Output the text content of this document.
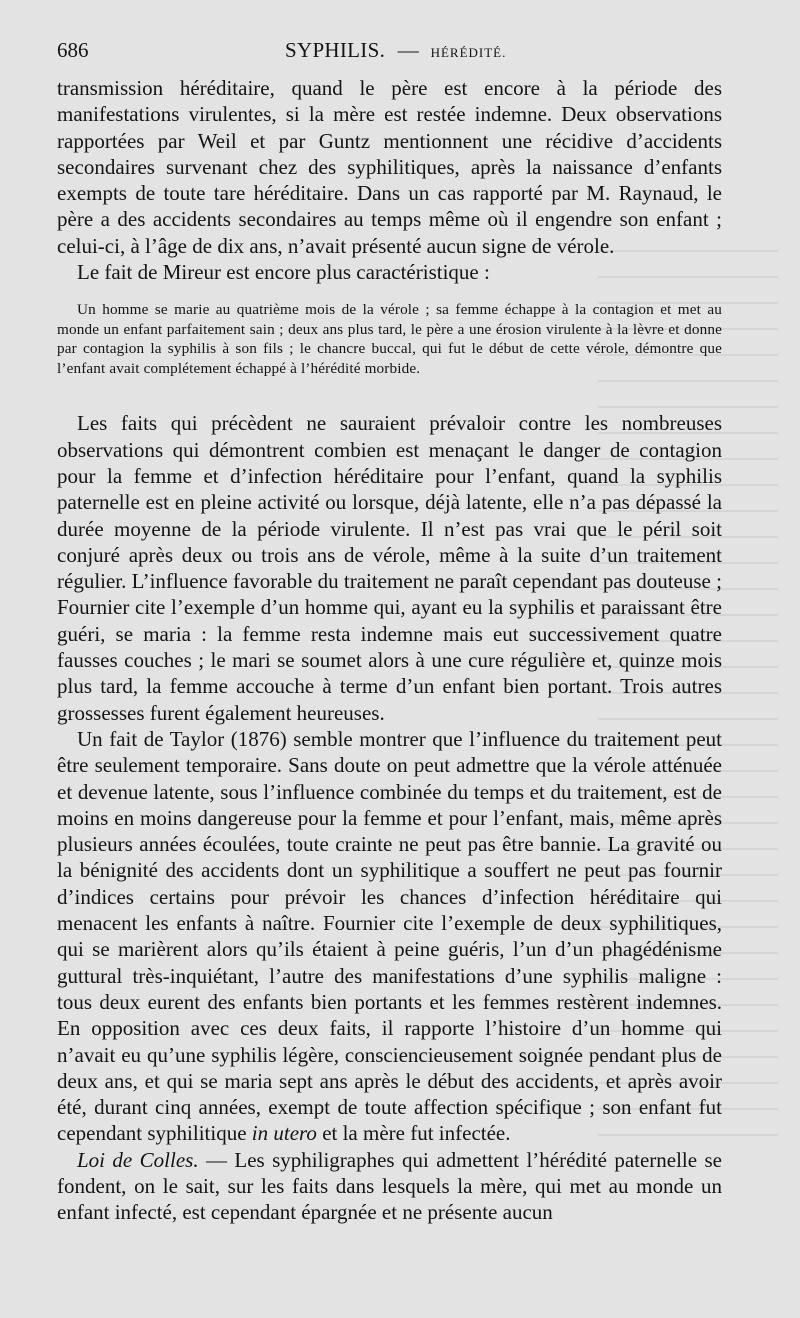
686	SYPHILIS. — HÉRÉDITÉ.

transmission héréditaire, quand le père est encore à la période des manifestations virulentes, si la mère est restée indemne. Deux observations rapportées par Weil et par Guntz mentionnent une récidive d’accidents secondaires survenant chez des syphilitiques, après la naissance d’enfants exempts de toute tare héréditaire. Dans un cas rapporté par M. Raynaud, le père a des accidents secondaires au temps même où il engendre son enfant ; celui-ci, à l’âge de dix ans, n’avait présenté aucun signe de vérole.

Le fait de Mireur est encore plus caractéristique :

Un homme se marie au quatrième mois de la vérole ; sa femme échappe à la contagion et met au monde un enfant parfaitement sain ; deux ans plus tard, le père a une érosion virulente à la lèvre et donne par contagion la syphilis à son fils ; le chancre buccal, qui fut le début de cette vérole, démontre que l’enfant avait complétement échappé à l’hérédité morbide.

Les faits qui précèdent ne sauraient prévaloir contre les nombreuses observations qui démontrent combien est menaçant le danger de contagion pour la femme et d’infection héréditaire pour l’enfant, quand la syphilis paternelle est en pleine activité ou lorsque, déjà latente, elle n’a pas dépassé la durée moyenne de la période virulente. Il n’est pas vrai que le péril soit conjuré après deux ou trois ans de vérole, même à la suite d’un traitement régulier. L’influence favorable du traitement ne paraît cependant pas douteuse ; Fournier cite l’exemple d’un homme qui, ayant eu la syphilis et paraissant être guéri, se maria : la femme resta indemne mais eut successivement quatre fausses couches ; le mari se soumet alors à une cure régulière et, quinze mois plus tard, la femme accouche à terme d’un enfant bien portant. Trois autres grossesses furent également heureuses.

Un fait de Taylor (1876) semble montrer que l’influence du traitement peut être seulement temporaire. Sans doute on peut admettre que la vérole atténuée et devenue latente, sous l’influence combinée du temps et du traitement, est de moins en moins dangereuse pour la femme et pour l’enfant, mais, même après plusieurs années écoulées, toute crainte ne peut pas être bannie. La gravité ou la bénignité des accidents dont un syphilitique a souffert ne peut pas fournir d’indices certains pour prévoir les chances d’infection héréditaire qui menacent les enfants à naître. Fournier cite l’exemple de deux syphilitiques, qui se marièrent alors qu’ils étaient à peine guéris, l’un d’un phagédénisme guttural très-inquiétant, l’autre des manifestations d’une syphilis maligne : tous deux eurent des enfants bien portants et les femmes restèrent indemnes. En opposition avec ces deux faits, il rapporte l’histoire d’un homme qui n’avait eu qu’une syphilis légère, consciencieusement soignée pendant plus de deux ans, et qui se maria sept ans après le début des accidents, et après avoir été, durant cinq années, exempt de toute affection spécifique ; son enfant fut cependant syphilitique in utero et la mère fut infectée.

Loi de Colles. — Les syphiligraphes qui admettent l’hérédité paternelle se fondent, on le sait, sur les faits dans lesquels la mère, qui met au monde un enfant infecté, est cependant épargnée et ne présente aucun
